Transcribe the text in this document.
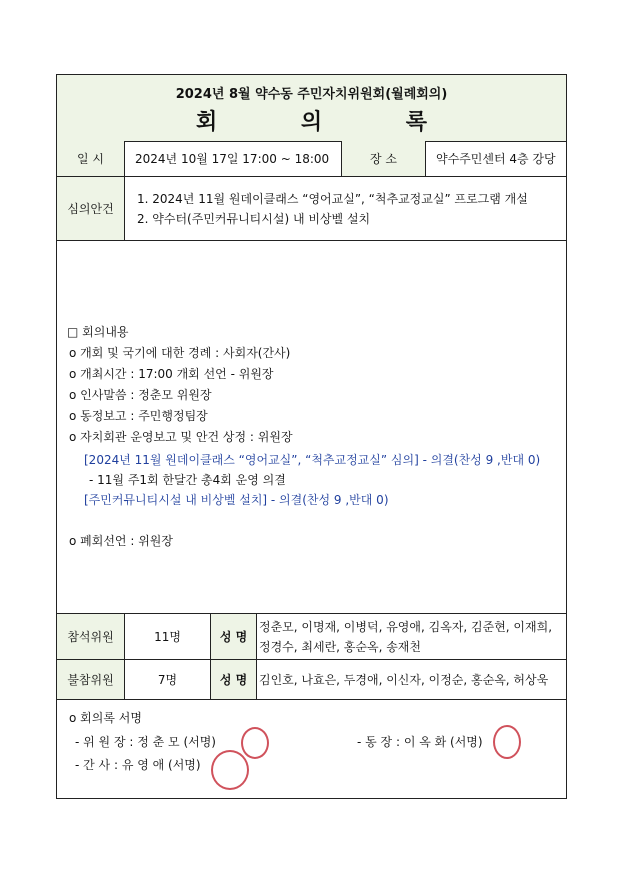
2024년 8월 약수동 주민자치위원회(월례회의)
회 의 록
일 시	2024년 10월 17일 17:00 ~ 18:00	장 소	약수주민센터 4층 강당
심의안건
1. 2024년 11월 원데이클래스 “영어교실”, “척추교정교실” 프로그램 개설
2. 약수터(주민커뮤니티시설) 내 비상벨 설치
□ 회의내용
o 개회 및 국기에 대한 경례 : 사회자(간사)
o 개최시간 : 17:00 개회 선언 - 위원장
o 인사말씀 : 정춘모 위원장
o 동정보고 : 주민행정팀장
o 자치회관 운영보고 및 안건 상정 : 위원장
[2024년 11월 원데이클래스 “영어교실”, “척추교정교실” 심의] - 의결(찬성 9 ,반대 0)
- 11월 주1회 한달간 총4회 운영 의결
[주민커뮤니티시설 내 비상벨 설치] - 의결(찬성 9 ,반대 0)
o 폐회선언 : 위원장
참석위원	11명	성 명
정춘모, 이명재, 이병덕, 유영애, 김옥자, 김준현, 이재희,
정경수, 최세란, 홍순옥, 송재천
불참위원	7명	성 명 김인호, 나효은, 두경애, 이신자, 이정순, 홍순옥, 허상욱
o 회의록 서명
- 위 원 장 : 정 춘 모 (서명)	- 동 장 : 이 옥 화 (서명)
- 간 사 : 유 영 애 (서명)
